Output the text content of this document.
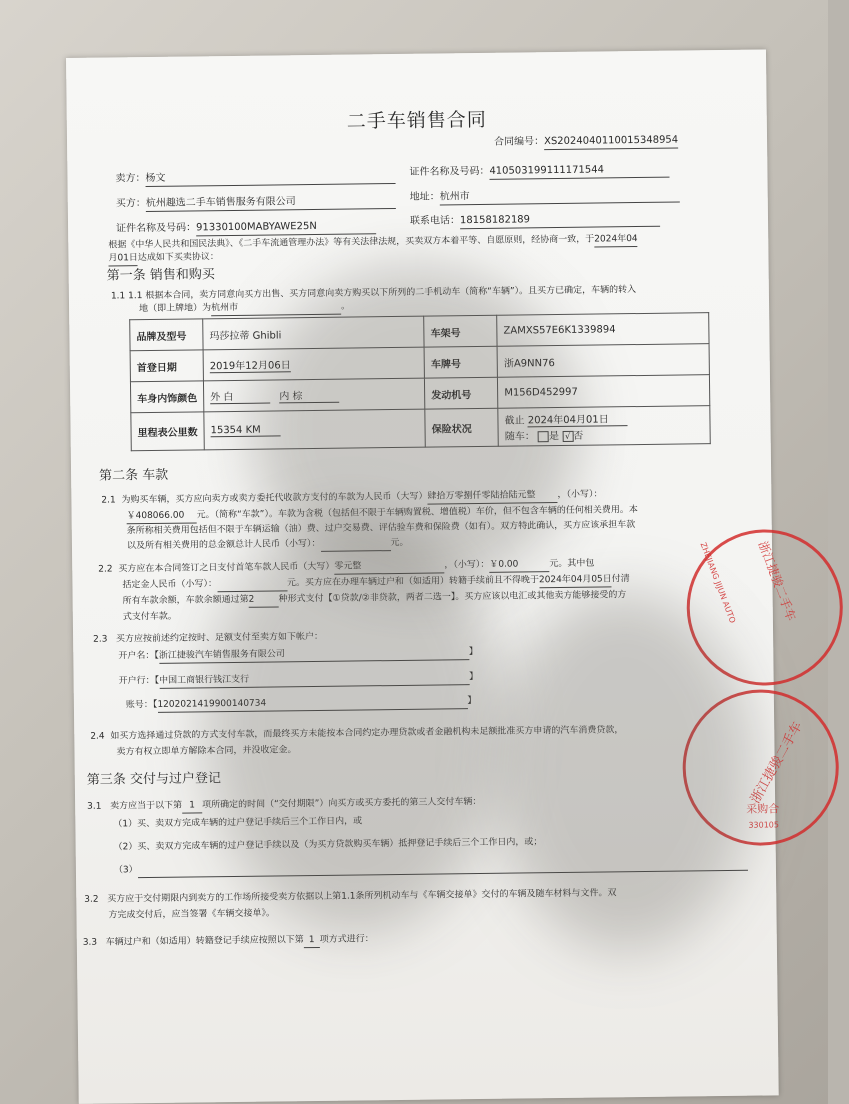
二手车销售合同
合同编号：XS2024040110015348954
卖方：杨文
证件名称及号码：410503199111171544
买方：杭州趣选二手车销售服务有限公司	地址：杭州市
证件名称及号码：91330100MABYAWE25N	联系电话：18158182189
根据《中华人民共和国民法典》、《二手车流通管理办法》等有关法律法规，买卖双方本着平等、自愿原则，经协商一致，于2024年04
月01日达成如下买卖协议：
第一条 销售和购买
1.1 1.1 根据本合同，卖方同意向买方出售、买方同意向卖方购买以下所列的二手机动车（简称“车辆”）。且买方已确定，车辆的转入
地（即上牌地）为杭州市	。
品牌及型号	玛莎拉蒂 Ghibli	车架号	ZAMXS57E6K1339894
首登日期	2019年12月06日	车牌号	浙A9NN76
车身内饰颜色	外 白 内 棕	发动机号	M156D452997
里程表公里数	15354 KM	保险状况	截止 2024年04月01日
随车： 是 √ 否
第二条 车款
2.1 为购买车辆，买方应向卖方或卖方委托代收款方支付的车款为人民币（大写）肆拾万零捌仟零陆拾陆元整 ，（小写）：
￥408066.00 元。（简称“车款”）。车款为含税（包括但不限于车辆购置税、增值税）车价，但不包含车辆的任何相关费用。本
条所称相关费用包括但不限于车辆运输（油）费、过户交易费、评估验车费和保险费（如有）。双方特此确认，买方应该承担车款
以及所有相关费用的总金额总计人民币（小写）：	元。
2.2 买方应在本合同签订之日支付首笔车款人民币（大写）零元整	，（小写）：￥0.00	元。其中包
括定金人民币（小写）：	元。买方应在办理车辆过户和（如适用）转籍手续前且不得晚于2024年04月05日付清
所有车款余额，车款余额通过第2	种形式支付【①贷款/②非贷款，两者二选一】。买方应该以电汇或其他卖方能够接受的方
式支付车款。
2.3 买方应按前述约定按时、足额支付至卖方如下帐户：
开户名：【浙江捷骏汽车销售服务有限公司	】
开户行：【中国工商银行钱江支行	】
账号：【1202021419900140734	】
2.4 如买方选择通过贷款的方式支付车款，而最终买方未能按本合同约定办理贷款或者金融机构未足额批准买方申请的汽车消费贷款，
卖方有权立即单方解除本合同，并没收定金。
第三条 交付与过户登记
3.1 卖方应当于以下第 1 项所确定的时间（“交付期限”）向买方或买方委托的第三人交付车辆：
（1）买、卖双方完成车辆的过户登记手续后三个工作日内，或
（2）买、卖双方完成车辆的过户登记手续以及（为买方贷款购买车辆）抵押登记手续后三个工作日内，或；
（3）
3.2 买方应于交付期限内到卖方的工作场所接受卖方依据以上第1.1条所列机动车与《车辆交接单》交付的车辆及随车材料与文件。双
方完成交付后，应当签署《车辆交接单》。
3.3 车辆过户和（如适用）转籍登记手续应按照以下第 1 项方式进行：
ZHEJIANG JIJUN AUTO 浙江捷骏二手车
浙江捷骏二手车
采购合
330105
